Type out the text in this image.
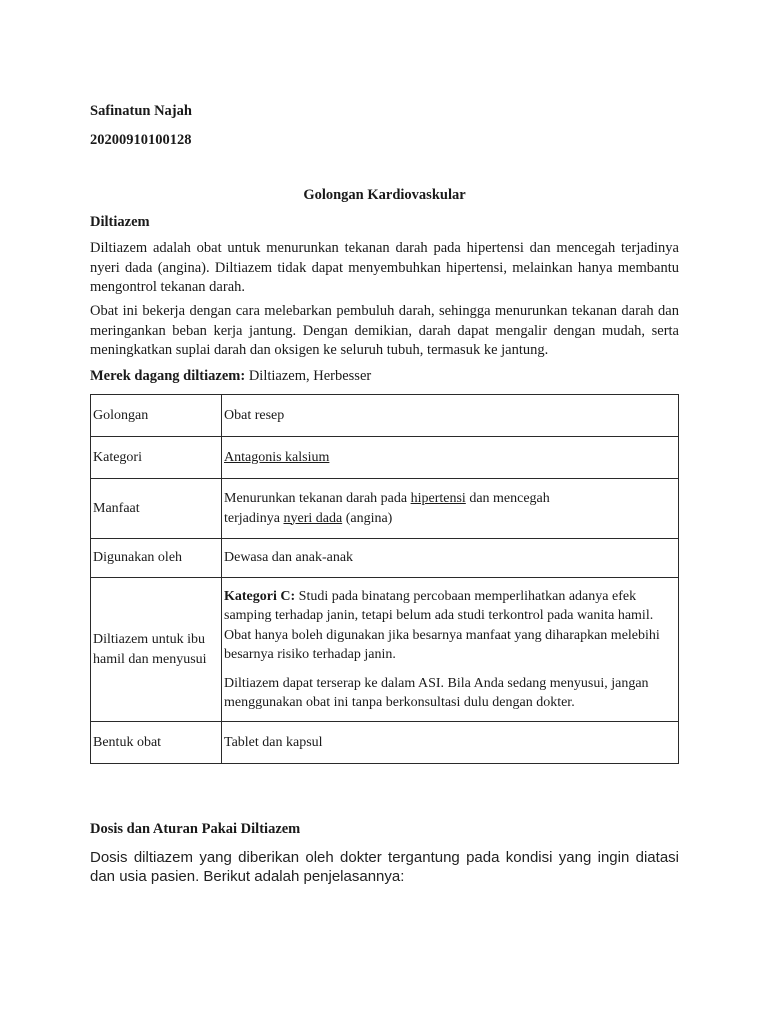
Safinatun Najah
20200910100128
Golongan Kardiovaskular
Diltiazem
Diltiazem adalah obat untuk menurunkan tekanan darah pada hipertensi dan mencegah terjadinya nyeri dada (angina). Diltiazem tidak dapat menyembuhkan hipertensi, melainkan hanya membantu mengontrol tekanan darah.
Obat ini bekerja dengan cara melebarkan pembuluh darah, sehingga menurunkan tekanan darah dan meringankan beban kerja jantung. Dengan demikian, darah dapat mengalir dengan mudah, serta meningkatkan suplai darah dan oksigen ke seluruh tubuh, termasuk ke jantung.
Merek dagang diltiazem: Diltiazem, Herbesser
Golongan	Obat resep
Kategori	Antagonis kalsium
Manfaat	Menurunkan tekanan darah pada hipertensi dan mencegah
terjadinya nyeri dada (angina)
Digunakan oleh	Dewasa dan anak-anak
Diltiazem untuk ibu hamil dan menyusui	Kategori C: Studi pada binatang percobaan memperlihatkan adanya efek samping terhadap janin, tetapi belum ada studi terkontrol pada wanita hamil. Obat hanya boleh digunakan jika besarnya manfaat yang diharapkan melebihi besarnya risiko terhadap janin.

Diltiazem dapat terserap ke dalam ASI. Bila Anda sedang menyusui, jangan menggunakan obat ini tanpa berkonsultasi dulu dengan dokter.

Bentuk obat	Tablet dan kapsul
Dosis dan Aturan Pakai Diltiazem
Dosis diltiazem yang diberikan oleh dokter tergantung pada kondisi yang ingin diatasi dan usia pasien. Berikut adalah penjelasannya:
